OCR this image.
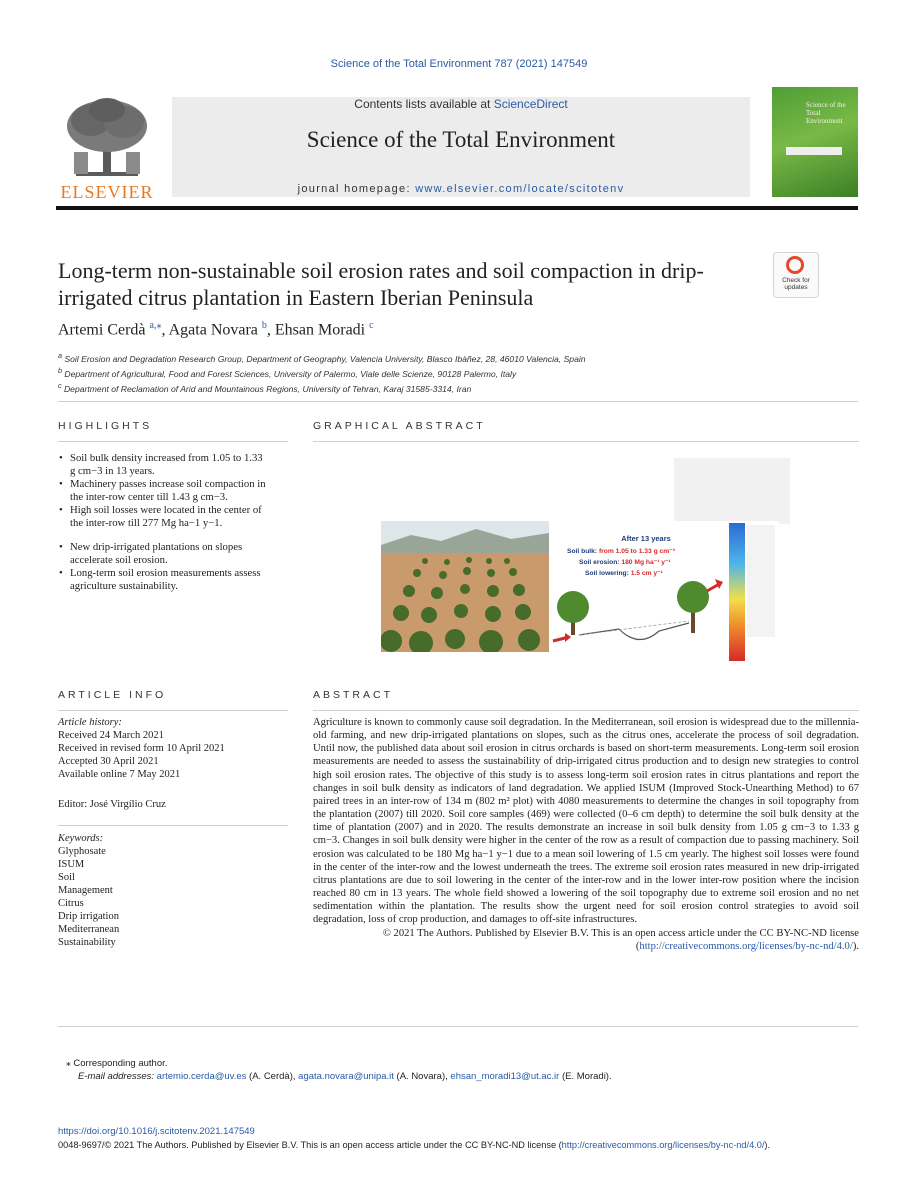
Science of the Total Environment 787 (2021) 147549
ELSEVIER
Contents lists available at ScienceDirect
Science of the Total Environment
journal homepage: www.elsevier.com/locate/scitotenv
Science of the Total Environment
Long-term non-sustainable soil erosion rates and soil compaction in drip-irrigated citrus plantation in Eastern Iberian Peninsula
Check for updates
Artemi Cerdà $^{a,⁎}$, Agata Novara $^b$, Ehsan Moradi $^c$
$^a$ Soil Erosion and Degradation Research Group, Department of Geography, Valencia University, Blasco Ibàñez, 28, 46010 Valencia, Spain
$^b$ Department of Agricultural, Food and Forest Sciences, University of Palermo, Viale delle Scienze, 90128 Palermo, Italy
$^c$ Department of Reclamation of Arid and Mountainous Regions, University of Tehran, Karaj 31585-3314, Iran
HIGHLIGHTS
• Soil bulk density increased from 1.05 to 1.33 g cm−3 in 13 years.
• Machinery passes increase soil compaction in the inter-row center till 1.43 g cm−3.
• High soil losses were located in the center of the inter-row till 277 Mg ha−1 y−1.
• New drip-irrigated plantations on slopes accelerate soil erosion.
• Long-term soil erosion measurements assess agriculture sustainability.
GRAPHICAL ABSTRACT
After 13 years
Soil bulk: from 1.05 to 1.33 g cm⁻³
Soil erosion: 180 Mg ha⁻¹ y⁻¹
Soil lowering: 1.5 cm y⁻¹
ARTICLE INFO
Article history:
Received 24 March 2021
Received in revised form 10 April 2021
Accepted 30 April 2021
Available online 7 May 2021
Editor: José Virgílio Cruz
Keywords:
Glyphosate
ISUM
Soil
Management
Citrus
Drip irrigation
Mediterranean
Sustainability
ABSTRACT

Agriculture is known to commonly cause soil degradation. In the Mediterranean, soil erosion is widespread due to the millennia-old farming, and new drip-irrigated plantations on slopes, such as the citrus ones, accelerate the process of soil degradation. Until now, the published data about soil erosion in citrus orchards is based on short-term measurements. Long-term soil erosion measurements are needed to assess the sustainability of drip-irrigated citrus production and to design new strategies to control high soil erosion rates. The objective of this study is to assess long-term soil erosion rates in citrus plantations and report the changes in soil bulk density as indicators of land degradation. We applied ISUM (Improved Stock-Unearthing Method) to 67 paired trees in an inter-row of 134 m (802 m² plot) with 4080 measurements to determine the changes in soil topography from the plantation (2007) till 2020. Soil core samples (469) were collected (0–6 cm depth) to determine the soil bulk density at the time of plantation (2007) and in 2020. The results demonstrate an increase in soil bulk density from 1.05 g cm−3 to 1.33 g cm−3. Changes in soil bulk density were higher in the center of the row as a result of compaction due to passing machinery. Soil erosion was calculated to be 180 Mg ha−1 y−1 due to a mean soil lowering of 1.5 cm yearly. The highest soil losses were found in the center of the inter-row and the lowest underneath the trees. The extreme soil erosion rates measured in new drip-irrigated citrus plantations are due to soil lowering in the center of the inter-row and in the lower inter-row position where the incision reached 80 cm in 13 years. The whole field showed a lowering of the soil topography due to extreme soil erosion and no net sedimentation within the plantation. The results show the urgent need for soil erosion control strategies to avoid soil degradation, loss of crop production, and damages to off-site infrastructures.

© 2021 The Authors. Published by Elsevier B.V. This is an open access article under the CC BY-NC-ND license (http://creativecommons.org/licenses/by-nc-nd/4.0/).

⁎ Corresponding author.
E-mail addresses: artemio.cerda@uv.es (A. Cerdà), agata.novara@unipa.it (A. Novara), ehsan_moradi13@ut.ac.ir (E. Moradi).
https://doi.org/10.1016/j.scitotenv.2021.147549
0048-9697/© 2021 The Authors. Published by Elsevier B.V. This is an open access article under the CC BY-NC-ND license (http://creativecommons.org/licenses/by-nc-nd/4.0/).
